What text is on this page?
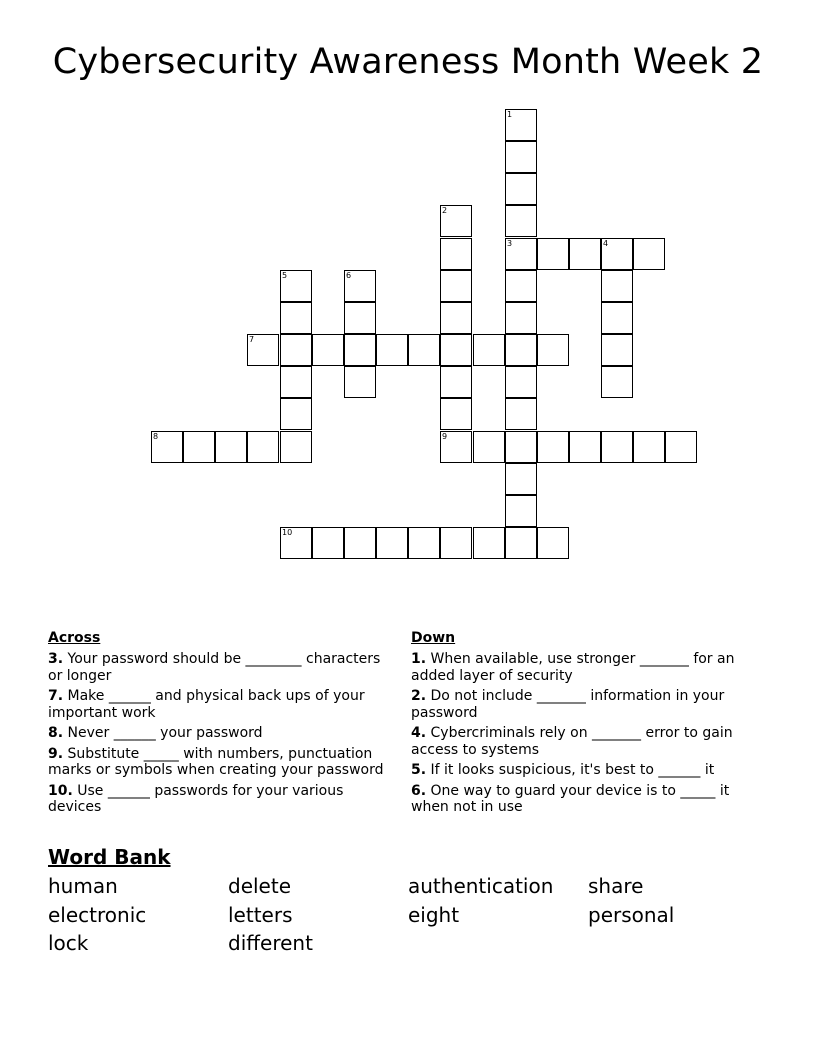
Cybersecurity Awareness Month Week 2
1
3
2
9
4
5	6
7
8
10
Across
3. Your password should be ________ characters or longer
7. Make ______ and physical back ups of your important work
8. Never ______ your password
9. Substitute _____ with numbers, punctuation marks or symbols when creating your password
10. Use ______ passwords for your various devices
Down
1. When available, use stronger _______ for an added layer of security
2. Do not include _______ information in your password
4. Cybercriminals rely on _______ error to gain access to systems
5. If it looks suspicious, it's best to ______ it
6. One way to guard your device is to _____ it when not in use
Word Bank
human	delete	authentication share
electronic	letters	eight	personal
lock	different
